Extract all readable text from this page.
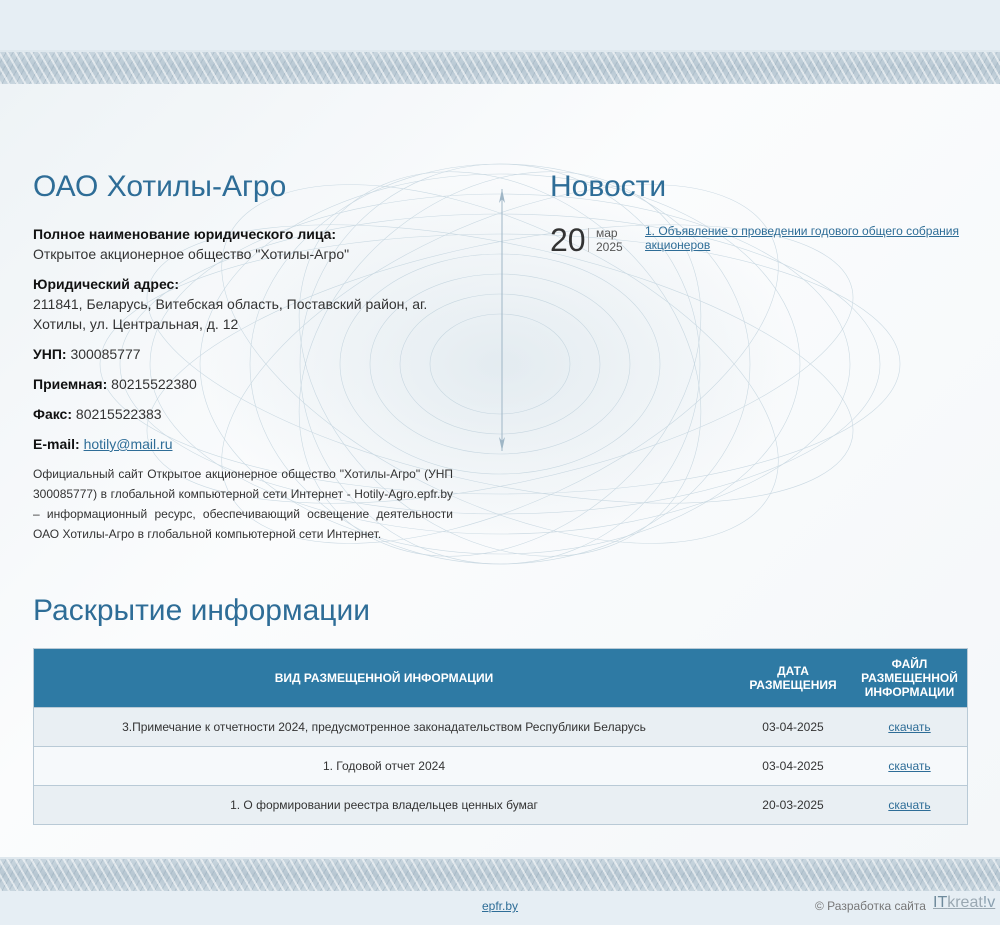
ОАО Хотилы-Агро

Полное наименование юридического лица:
Открытое акционерное общество "Хотилы-Агро"

Юридический адрес:
211841, Беларусь, Витебская область, Поставский район, аг. Хотилы, ул. Центральная, д. 12

УНП: 300085777

Приемная: 80215522380

Факс: 80215522383

E-mail: hotily@mail.ru

Официальный сайт Открытое акционерное общество "Хотилы-Агро" (УНП 300085777) в глобальной компьютерной сети Интернет - Hotily-Agro.epfr.by – информационный ресурс, обеспечивающий освещение деятельности ОАО Хотилы-Агро в глобальной компьютерной сети Интернет.

Новости
20 мар
2025
1. Объявление о проведении годового общего собрания акционеров
Раскрытие информации
ВИД РАЗМЕЩЕННОЙ ИНФОРМАЦИИ	ДАТА РАЗМЕЩЕНИЯ	ФАЙЛ РАЗМЕЩЕННОЙ ИНФОРМАЦИИ
3.Примечание к отчетности 2024, предусмотренное законадательством Республики Беларусь	03-04-2025	скачать
1. Годовой отчет 2024	03-04-2025	скачать
1. О формировании реестра владельцев ценных бумаг	20-03-2025	скачать
epfr.by	© Разработка сайта ITkreat!v
